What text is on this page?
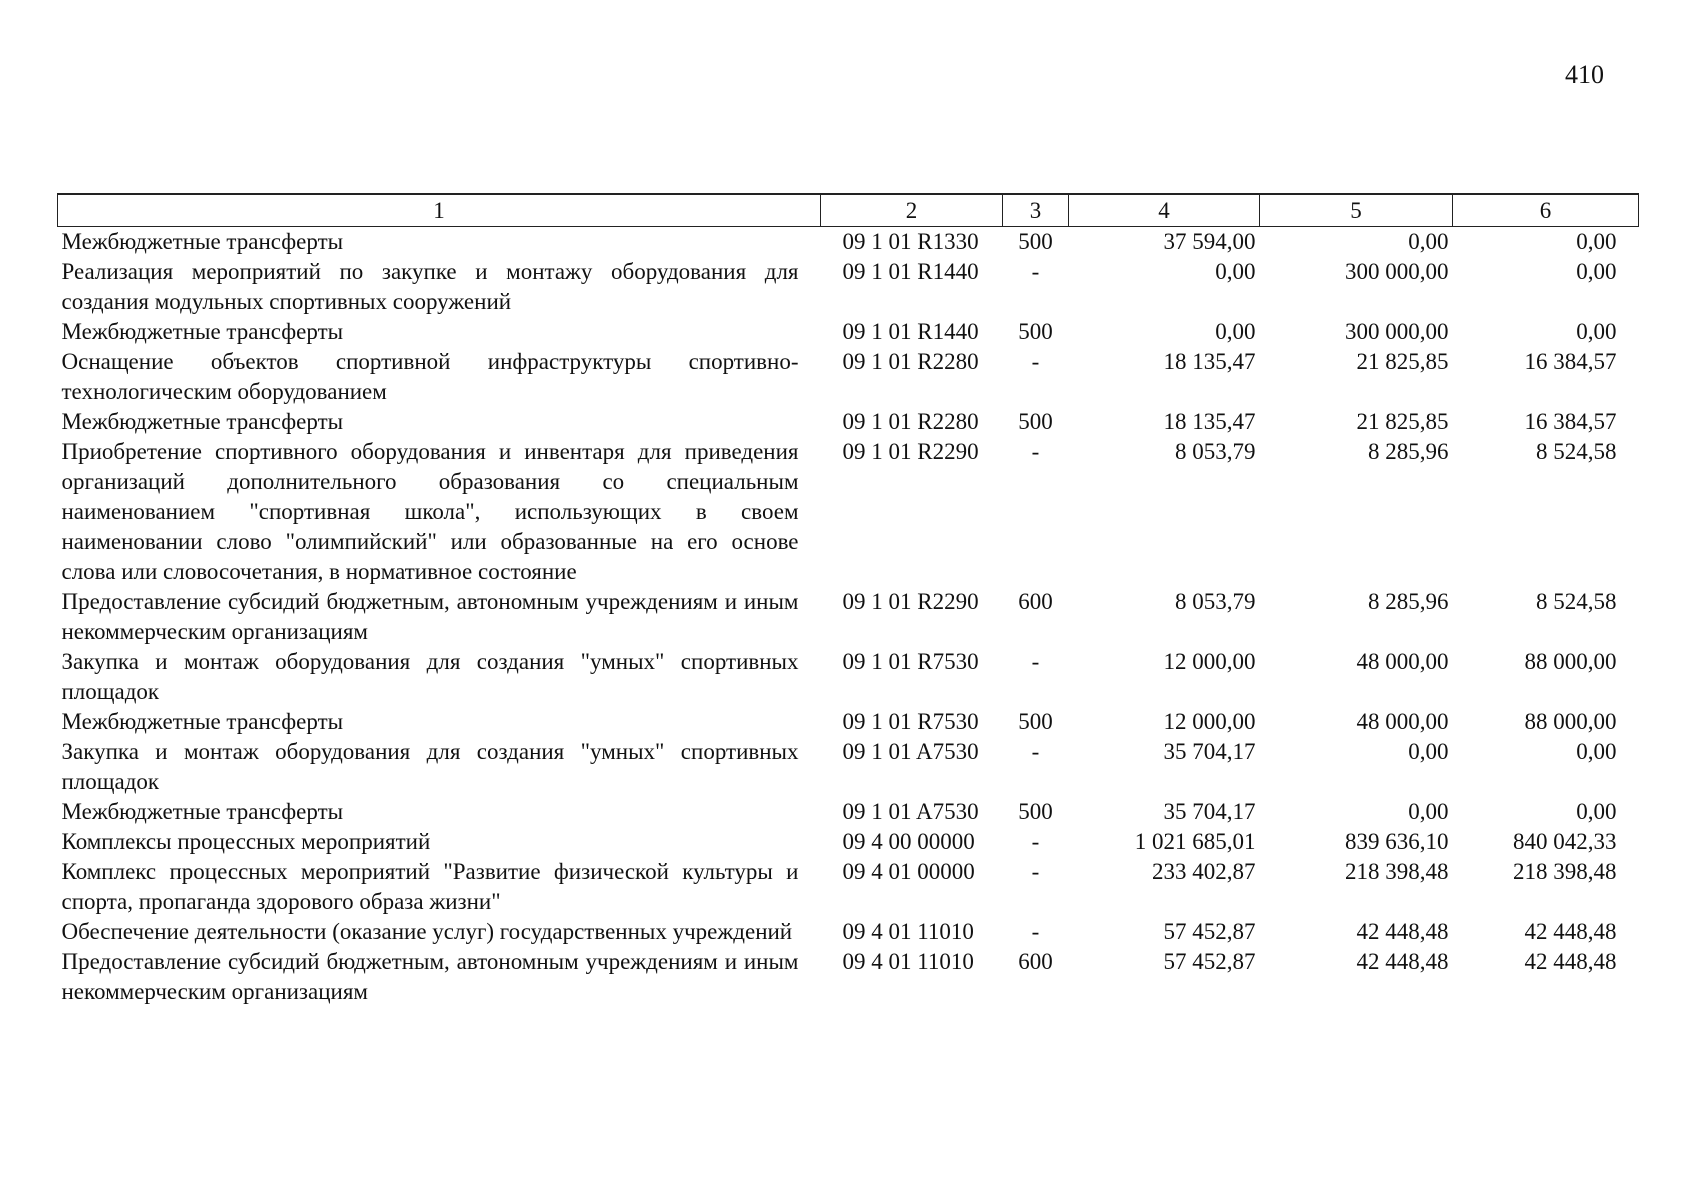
410
1	2	3	4	5	6
Межбюджетные трансферты	09 1 01 R1330	500	37 594,00	0,00	0,00
Реализация мероприятий по закупке и монтажу оборудования для создания модульных спортивных сооружений	09 1 01 R1440	-	0,00	300 000,00	0,00
Межбюджетные трансферты	09 1 01 R1440	500	0,00	300 000,00	0,00
Оснащение объектов спортивной инфраструктуры спортивно-технологическим оборудованием	09 1 01 R2280	-	18 135,47	21 825,85	16 384,57
Межбюджетные трансферты	09 1 01 R2280	500	18 135,47	21 825,85	16 384,57
Приобретение спортивного оборудования и инвентаря для приведения организаций дополнительного образования со специальным наименованием "спортивная школа", использующих в своем наименовании слово "олимпийский" или образованные на его основе слова или словосочетания, в нормативное состояние	09 1 01 R2290	-	8 053,79	8 285,96	8 524,58
Предоставление субсидий бюджетным, автономным учреждениям и иным некоммерческим организациям	09 1 01 R2290	600	8 053,79	8 285,96	8 524,58
Закупка и монтаж оборудования для создания "умных" спортивных площадок	09 1 01 R7530	-	12 000,00	48 000,00	88 000,00
Межбюджетные трансферты	09 1 01 R7530	500	12 000,00	48 000,00	88 000,00
Закупка и монтаж оборудования для создания "умных" спортивных площадок	09 1 01 A7530	-	35 704,17	0,00	0,00
Межбюджетные трансферты	09 1 01 A7530	500	35 704,17	0,00	0,00
Комплексы процессных мероприятий	09 4 00 00000	-	1 021 685,01	839 636,10	840 042,33
Комплекс процессных мероприятий "Развитие физической культуры и спорта, пропаганда здорового образа жизни"	09 4 01 00000	-	233 402,87	218 398,48	218 398,48
Обеспечение деятельности (оказание услуг) государственных учреждений	09 4 01 11010	-	57 452,87	42 448,48	42 448,48
Предоставление субсидий бюджетным, автономным учреждениям и иным некоммерческим организациям	09 4 01 11010	600	57 452,87	42 448,48	42 448,48
